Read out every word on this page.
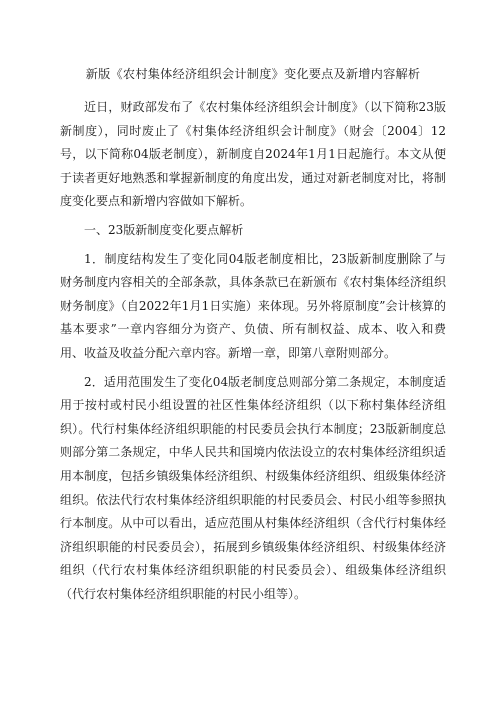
新版《农村集体经济组织会计制度》变化要点及新增内容解析

近日，财政部发布了《农村集体经济组织会计制度》（以下简称23版新制度），同时废止了《村集体经济组织会计制度》（财会〔2004〕12号，以下简称04版老制度），新制度自2024年1月1日起施行。本文从便于读者更好地熟悉和掌握新制度的角度出发，通过对新老制度对比，将制度变化要点和新增内容做如下解析。

一、23版新制度变化要点解析

1．制度结构发生了变化同04版老制度相比，23版新制度删除了与财务制度内容相关的全部条款，具体条款已在新颁布《农村集体经济组织财务制度》（自2022年1月1日实施）来体现。另外将原制度”会计核算的基本要求”一章内容细分为资产、负债、所有制权益、成本、收入和费用、收益及收益分配六章内容。新增一章，即第八章附则部分。

2．适用范围发生了变化04版老制度总则部分第二条规定，本制度适用于按村或村民小组设置的社区性集体经济组织（以下称村集体经济组织）。代行村集体经济组织职能的村民委员会执行本制度；23版新制度总则部分第二条规定，中华人民共和国境内依法设立的农村集体经济组织适用本制度，包括乡镇级集体经济组织、村级集体经济组织、组级集体经济组织。依法代行农村集体经济组织职能的村民委员会、村民小组等参照执行本制度。从中可以看出，适应范围从村集体经济组织（含代行村集体经济组织职能的村民委员会），拓展到乡镇级集体经济组织、村级集体经济组织（代行农村集体经济组织职能的村民委员会）、组级集体经济组织（代行农村集体经济组织职能的村民小组等）。
